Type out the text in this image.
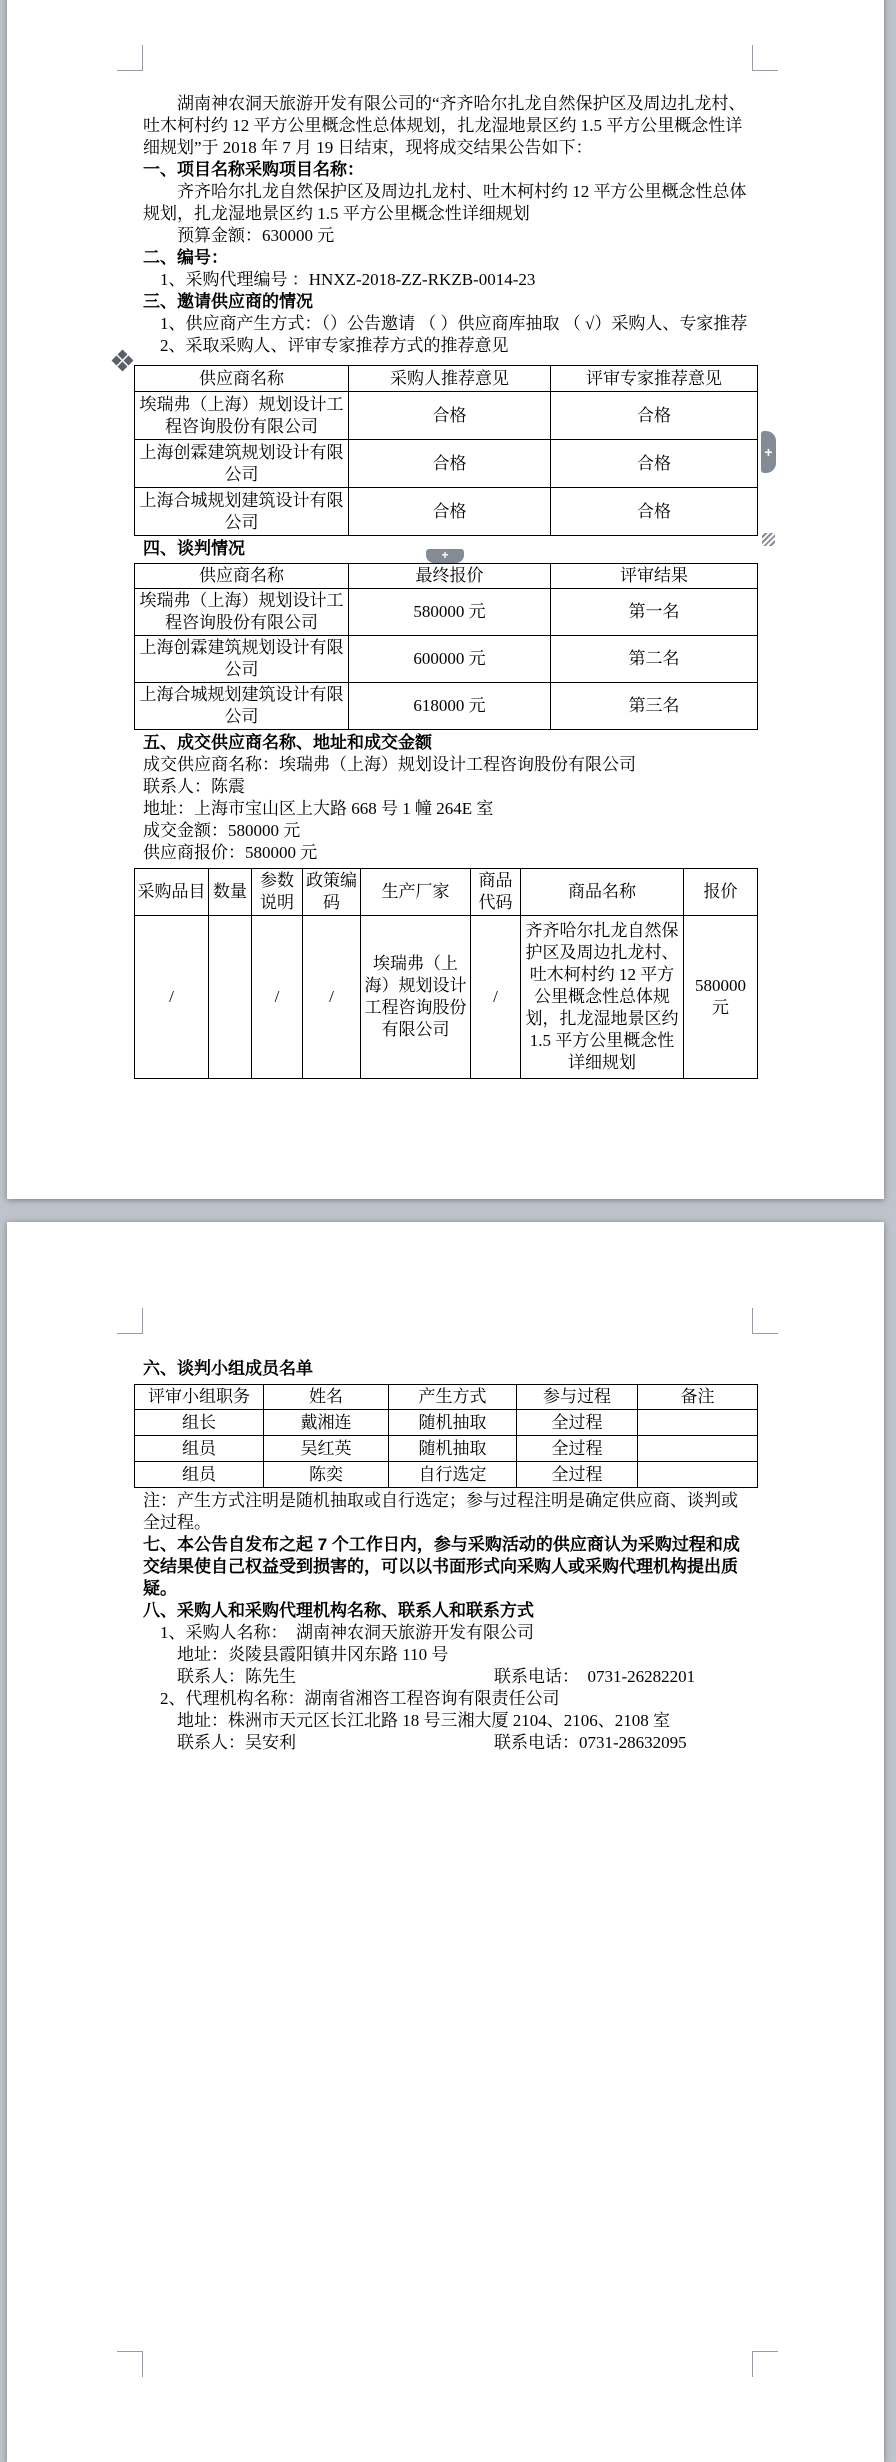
湖南神农洞天旅游开发有限公司的“齐齐哈尔扎龙自然保护区及周边扎龙村、吐木柯村约 12 平方公里概念性总体规划，扎龙湿地景区约 1.5 平方公里概念性详细规划”于 2018 年 7 月 19 日结束，现将成交结果公告如下：

一、项目名称采购项目名称：

齐齐哈尔扎龙自然保护区及周边扎龙村、吐木柯村约 12 平方公里概念性总体规划，扎龙湿地景区约 1.5 平方公里概念性详细规划

预算金额：630000 元

二、编号：

1、采购代理编号 ：HNXZ-2018-ZZ-RKZB-0014-23

三、邀请供应商的情况

1、供应商产生方式：（）公告邀请 （ ）供应商库抽取 （ √）采购人、专家推荐

2、采取采购人、评审专家推荐方式的推荐意见

+
+
供应商名称	采购人推荐意见	评审专家推荐意见
埃瑞弗（上海）规划设计工程咨询股份有限公司	合格	合格
上海创霖建筑规划设计有限公司	合格	合格
上海合城规划建筑设计有限公司	合格	合格

四、谈判情况

供应商名称	最终报价	评审结果
埃瑞弗（上海）规划设计工程咨询股份有限公司	580000 元	第一名
上海创霖建筑规划设计有限公司	600000 元	第二名
上海合城规划建筑设计有限公司	618000 元	第三名

五、成交供应商名称、地址和成交金额

成交供应商名称：埃瑞弗（上海）规划设计工程咨询股份有限公司

联系人：陈震

地址：上海市宝山区上大路 668 号 1 幢 264E 室

成交金额：580000 元

供应商报价：580000 元

采购品目	数量	参数说明	政策编码	生产厂家	商品代码	商品名称	报价
/		/	/	埃瑞弗（上海）规划设计工程咨询股份有限公司	/	齐齐哈尔扎龙自然保护区及周边扎龙村、吐木柯村约 12 平方公里概念性总体规划，扎龙湿地景区约 1.5 平方公里概念性详细规划	580000 元

六、谈判小组成员名单

评审小组职务	姓名	产生方式	参与过程	备注
组长	戴湘连	随机抽取	全过程	
组员	吴红英	随机抽取	全过程	
组员	陈奕	自行选定	全过程	

注：产生方式注明是随机抽取或自行选定；参与过程注明是确定供应商、谈判或全过程。

七、本公告自发布之起 7 个工作日内，参与采购活动的供应商认为采购过程和成交结果使自己权益受到损害的，可以以书面形式向采购人或采购代理机构提出质疑。

八、采购人和采购代理机构名称、联系人和联系方式

1、采购人名称：  湖南神农洞天旅游开发有限公司

地址：炎陵县霞阳镇井冈东路 110 号

联系人：陈先生	联系电话：  0731-26282201

2、代理机构名称：湖南省湘咨工程咨询有限责任公司

地址：株洲市天元区长江北路 18 号三湘大厦 2104、2106、2108 室

联系人：吴安利	联系电话：0731-28632095
